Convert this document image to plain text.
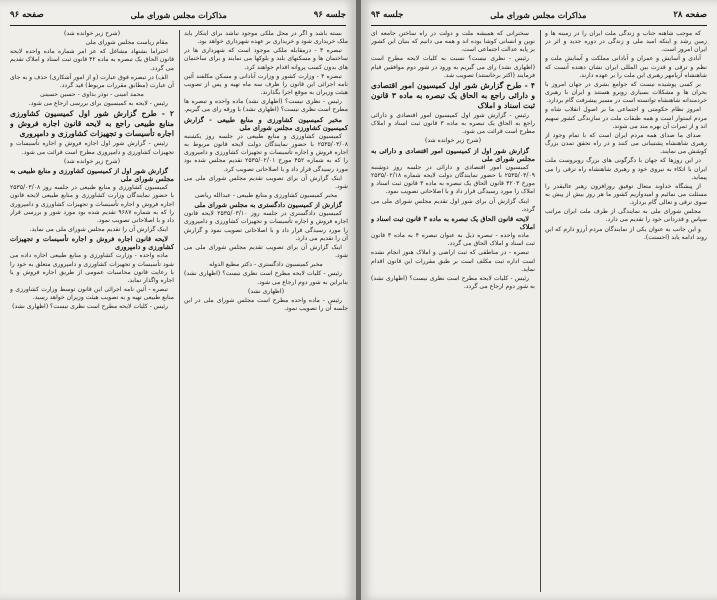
جلسه ۹۶
مذاکرات مجلس شورای ملی
صفحه ۹۶

بسته باشد و اگر در محل ملکی موجود نباشد برای اینکار باید ملک خریداری شود و خریداری بر عهده شهرداری خواهد بود.

تبصره ۳ - درمقابله ملکی موجود است که شهرداری ها در ساختمان ها و مسکنهای بلند و بلوکها می نمایند و برای ساختمان های بدون کسب پروانه اقدام خواهند کرد.

تبصره ۴ - وزارت کشور و وزارت آبادانی و مسکن مکلفند آئین نامه اجرائی این قانون را ظرف سه ماه تهیه و پس از تصویب هیئت وزیران به موقع اجرا بگذارند.

رئیس - نظری نیست؟ (اظهاری نشد) ماده واحده و تبصره ها مطرح است نظری نیست؟ (اظهاری نشد) با ورقه رای می گیریم.

مخبر کمیسیون کشاورزی و منابع طبیعی - گزارش کمیسیون کشاورزی مجلس شورای ملی

کمیسیون کشاورزی و منابع طبیعی در جلسه روز یکشنبه ۲۵۳۵/۰۳/۰۸ با حضور نمایندگان دولت لایحه قانون مربوط به اجاره فروش و اجاره تأسیسات و تجهیزات کشاورزی و دامپروری را که به شماره ۴۵۲ مورخ ۲۵۳۵/۰۲/۰۱ تقدیم مجلس شده بود مورد رسیدگی قرار داد و با اصلاحاتی تصویب کرد.

اینک گزارش آن برای تصویب تقدیم مجلس شورای ملی می شود.

مخبر کمیسیون کشاورزی و منابع طبیعی - عبدالله ریاضی

گزارش از کمیسیون دادگستری به مجلس شورای ملی

کمیسیون دادگستری در جلسه روز ۲۵۳۵/۰۳/۱۰ لایحه قانون اجاره فروش و اجاره تأسیسات و تجهیزات کشاورزی و دامپروری را مورد رسیدگی قرار داد و با اصلاحاتی تصویب نمود و گزارش آن را تقدیم می دارد.

اینک گزارش آن برای تصویب تقدیم مجلس شورای ملی می شود.

مخبر کمیسیون دادگستری - دکتر مطیع الدوله

رئیس - کلیات لایحه مطرح است نظری نیست؟ (اظهاری نشد) بنابراین به شور دوم ارجاع می شود.

(اظهاری نشد)

رئیس - ماده واحده مطرح است مجلس شورای ملی در این جلسه آن را تصویب نمود.

(شرح زیر خوانده شد)

مقام ریاست مجلس شورای ملی

احتراما بشنهاد مشاغل که عز امر شماره ماده واحده لایحه قانون الحاق یک تبصره به ماده ۴۲ قانون ثبت اسناد و املاک تقدیم می گردد.

الف) در تبصره فوق عبارت (و از امور آشکاری) حذف و به جای آن عبارت (مطابق مقررات مربوط) قید گردد.

محمد امینی - نوذر بداوی - حسین حسینی

رئیس - لایحه به کمیسیون برای بررسی ارجاع می شود.

۲ - طرح گزارش شور اول کمیسیون کشاورزی منابع طبیعی راجع به لایحه قانون اجاره فروش و اجاره تأسیسات و تجهیزات کشاورزی و دامپروری

رئیس - گزارش شور اول اجازه فروش و اجاره تأسیسات و تجهیزات کشاورزی و دامپروری مطرح است قرائت می شود.

(شرح زیر خوانده شد)

گزارش شور اول از کمیسیون کشاورزی و منابع طبیعی به مجلس شورای ملی

کمیسیون کشاورزی و منابع طبیعی در جلسه روز ۲۵۳۵/۰۳/۰۸ با حضور نمایندگان وزارت کشاورزی و منابع طبیعی لایحه قانون اجاره فروش و اجاره تأسیسات و تجهیزات کشاورزی و دامپروری را که به شماره ۹۶۸۷ تقدیم شده بود مورد شور و بررسی قرار داد و با اصلاحاتی تصویب نمود.

اینک گزارش آن را تقدیم مجلس شورای ملی می نماید.

لایحه قانون اجاره فروش و اجاره تأسیسات و تجهیزات کشاورزی و دامپروری

ماده واحده - وزارت کشاورزی و منابع طبیعی اجازه داده می شود تأسیسات و تجهیزات کشاورزی و دامپروری متعلق به خود را با رعایت قانون محاسبات عمومی از طریق اجاره فروش و یا اجاره واگذار نماید.

تبصره - آئین نامه اجرائی این قانون توسط وزارت کشاورزی و منابع طبیعی تهیه و به تصویب هیئت وزیران خواهد رسید.

رئیس - کلیات لایحه مطرح است نظری نیست؟ (اظهاری نشد)

صفحه ۲۸
مذاکرات مجلس شورای ملی
جلسه ۹۴

که موجب شاهنه جناب و زندگی ملت ایران را در زمینه ها و زمین رشد و اینکه امید ملی و زندگی در دوره جدید و اثر در ایران امروز است.

آبادی و آسایش و عمران و آبادانی مملکت و آسایش ملت و نظم و ترقی و قدرت بین المللی ایران نشان دهنده آنست که شاهنشاه آریامهر رهبری این ملت را بر عهده دارند.

بر کسی پوشیده نیست که جوامع بشری در جهان امروز با بحران ها و مشکلات بسیاری روبرو هستند و ایران با رهبری خردمندانه شاهنشاه توانسته است در مسیر پیشرفت گام بردارد.

امروز نظام حکومتی و اجتماعی ما بر اصول انقلاب شاه و مردم استوار است و همه طبقات ملت در سازندگی کشور سهیم اند و از ثمرات آن بهره مند می شوند.

صدای ما صدای همه مردم ایران است که با تمام وجود از رهبری شاهنشاه پشتیبانی می کنند و در راه تحقق تمدن بزرگ کوشش می نمایند.

در این روزها که جهان با دگرگونی های بزرگ روبروست ملت ایران با اتکاء به نیروی خود و رهبری شاهنشاه راه ترقی را می پیماید.

از پیشگاه خداوند متعال توفیق روزافزون رهبر عالیقدر را مسئلت می نمائیم و امیدواریم کشور ما هر روز بیش از پیش به سوی ترقی و تعالی گام بردارد.

مجلس شورای ملی به نمایندگی از طرف ملت ایران مراتب سپاس و قدردانی خود را تقدیم می دارد.

و این جانب به عنوان یکی از نمایندگان مردم آرزو دارم که این روند ادامه یابد (احسنت).

سخنرانی که همیشه ملت و دولت در راه ساختن جامعه ای نوین و انسانی کوشا بوده اند و همه می دانیم که بنیان این کشور بر پایه عدالت اجتماعی است.

رئیس - نظری نیست؟ نسبت به کلیات لایحه مطرح است (اظهاری نشد) رای می گیریم به ورود در شور دوم موافقین قیام فرمایند (اکثر برخاستند) تصویب شد.

۴ - طرح گزارش شور اول کمیسیون امور اقتصادی و دارائی راجع به الحاق یک تبصره به ماده ۳ قانون ثبت اسناد و املاک

رئیس - گزارش شور اول کمیسیون امور اقتصادی و دارائی راجع به الحاق یک تبصره به ماده ۳ قانون ثبت اسناد و املاک مطرح است قرائت می شود.

(شرح زیر خوانده شد)

گزارش شور اول از کمیسیون امور اقتصادی و دارائی به مجلس شورای ملی

کمیسیون امور اقتصادی و دارائی در جلسه روز دوشنبه ۲۵۳۵/۰۳/۰۹ با حضور نمایندگان دولت لایحه شماره ۲۵۳۵/۰۲/۱۸ مورخ ۴۲۰۳ قانون الحاق یک تبصره به ماده ۳ قانون ثبت اسناد و املاک را مورد رسیدگی قرار داد و با اصلاحاتی تصویب نمود.

اینک گزارش آن برای شور اول تقدیم مجلس شورای ملی می گردد.

لایحه قانون الحاق یک تبصره به ماده ۳ قانون ثبت اسناد و املاک

ماده واحده - تبصره ذیل به عنوان تبصره ۴ به ماده ۳ قانون ثبت اسناد و املاک الحاق می گردد.

تبصره - در مناطقی که ثبت اراضی و املاک هنوز انجام نشده است اداره ثبت مکلف است بر طبق مقررات این قانون اقدام نماید.

رئیس - کلیات لایحه مطرح است نظری نیست؟ (اظهاری نشد) به شور دوم ارجاع می گردد.
